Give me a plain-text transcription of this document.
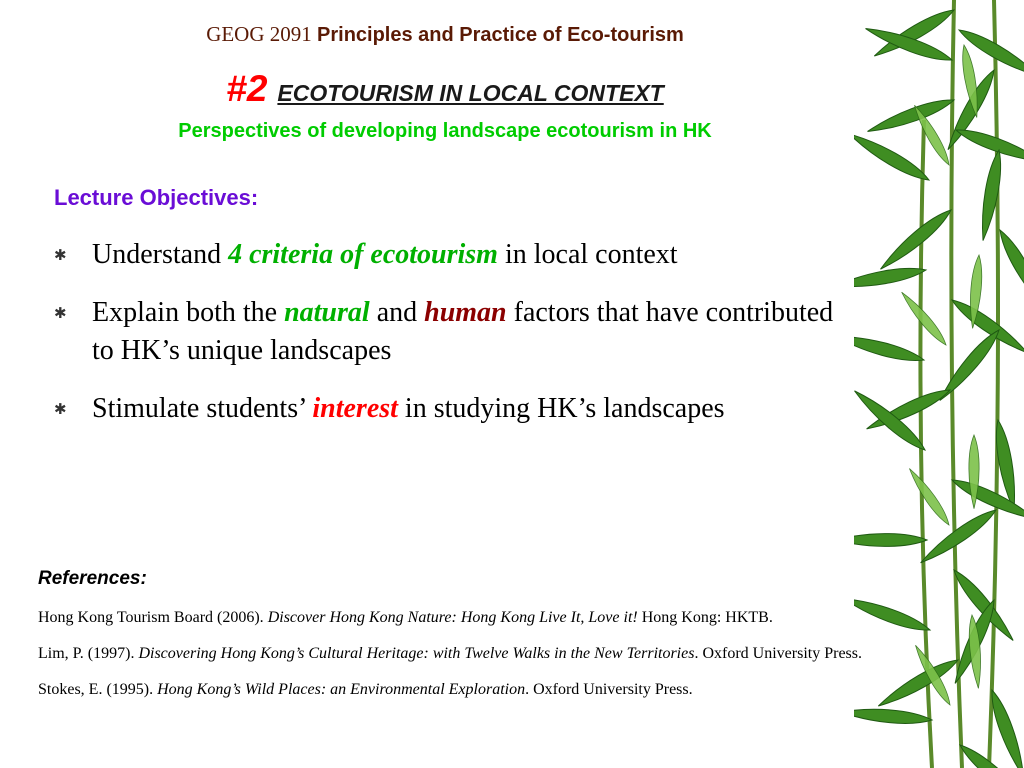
GEOG 2091 Principles and Practice of Eco-tourism
#2 ECOTOURISM IN LOCAL CONTEXT
Perspectives of developing landscape ecotourism in HK
Lecture Objectives:
✱ Understand 4 criteria of ecotourism in local context
✱ Explain both the natural and human factors that have contributed to HK’s unique landscapes
✱ Stimulate students’ interest in studying HK’s landscapes
References:
Hong Kong Tourism Board (2006). Discover Hong Kong Nature: Hong Kong Live It, Love it! Hong Kong: HKTB.
Lim, P. (1997). Discovering Hong Kong’s Cultural Heritage: with Twelve Walks in the New Territories. Oxford University Press.
Stokes, E. (1995). Hong Kong’s Wild Places: an Environmental Exploration. Oxford University Press.
